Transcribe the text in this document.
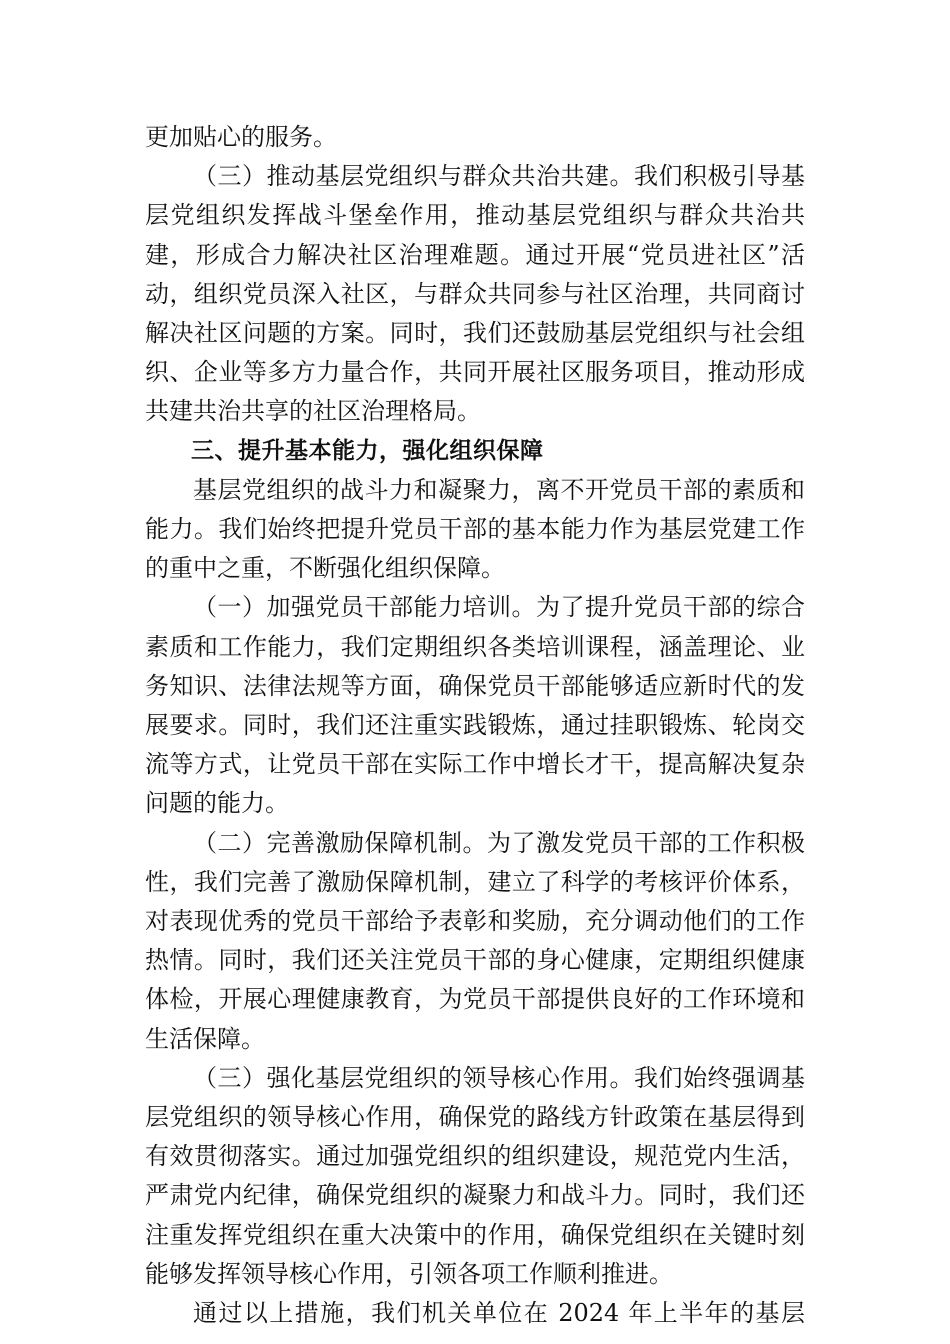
更加贴心的服务。

（三）推动基层党组织与群众共治共建。我们积极引导基层党组织发挥战斗堡垒作用，推动基层党组织与群众共治共建，形成合力解决社区治理难题。通过开展“党员进社区”活动，组织党员深入社区，与群众共同参与社区治理，共同商讨解决社区问题的方案。同时，我们还鼓励基层党组织与社会组织、企业等多方力量合作，共同开展社区服务项目，推动形成共建共治共享的社区治理格局。

三、提升基本能力，强化组织保障

基层党组织的战斗力和凝聚力，离不开党员干部的素质和能力。我们始终把提升党员干部的基本能力作为基层党建工作的重中之重，不断强化组织保障。

（一）加强党员干部能力培训。为了提升党员干部的综合素质和工作能力，我们定期组织各类培训课程，涵盖理论、业务知识、法律法规等方面，确保党员干部能够适应新时代的发展要求。同时，我们还注重实践锻炼，通过挂职锻炼、轮岗交流等方式，让党员干部在实际工作中增长才干，提高解决复杂问题的能力。

（二）完善激励保障机制。为了激发党员干部的工作积极性，我们完善了激励保障机制，建立了科学的考核评价体系，对表现优秀的党员干部给予表彰和奖励，充分调动他们的工作热情。同时，我们还关注党员干部的身心健康，定期组织健康体检，开展心理健康教育，为党员干部提供良好的工作环境和生活保障。

（三）强化基层党组织的领导核心作用。我们始终强调基层党组织的领导核心作用，确保党的路线方针政策在基层得到有效贯彻落实。通过加强党组织的组织建设，规范党内生活，严肃党内纪律，确保党组织的凝聚力和战斗力。同时，我们还注重发挥党组织在重大决策中的作用，确保党组织在关键时刻能够发挥领导核心作用，引领各项工作顺利推进。

通过以上措施，我们机关单位在 2024 年上半年的基层
